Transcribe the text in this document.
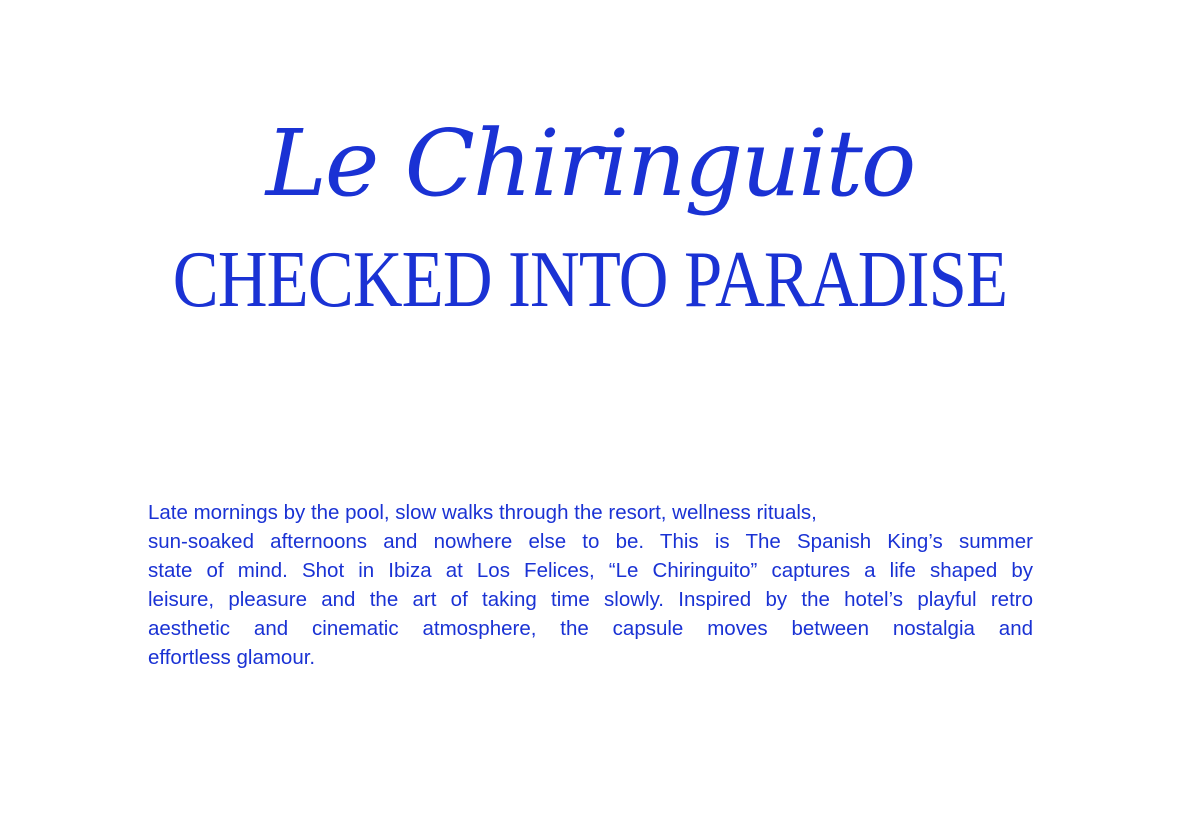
Le Chiringuito
CHECKED INTO PARADISE

Late mornings by the pool, slow walks through the resort, wellness rituals,
sun-soaked afternoons and nowhere else to be. This is The Spanish King’s summer
state of mind. Shot in Ibiza at Los Felices, “Le Chiringuito” captures a life shaped by
leisure, pleasure and the art of taking time slowly. Inspired by the hotel’s playful retro
aesthetic and cinematic atmosphere, the capsule moves between nostalgia and
effortless glamour.
